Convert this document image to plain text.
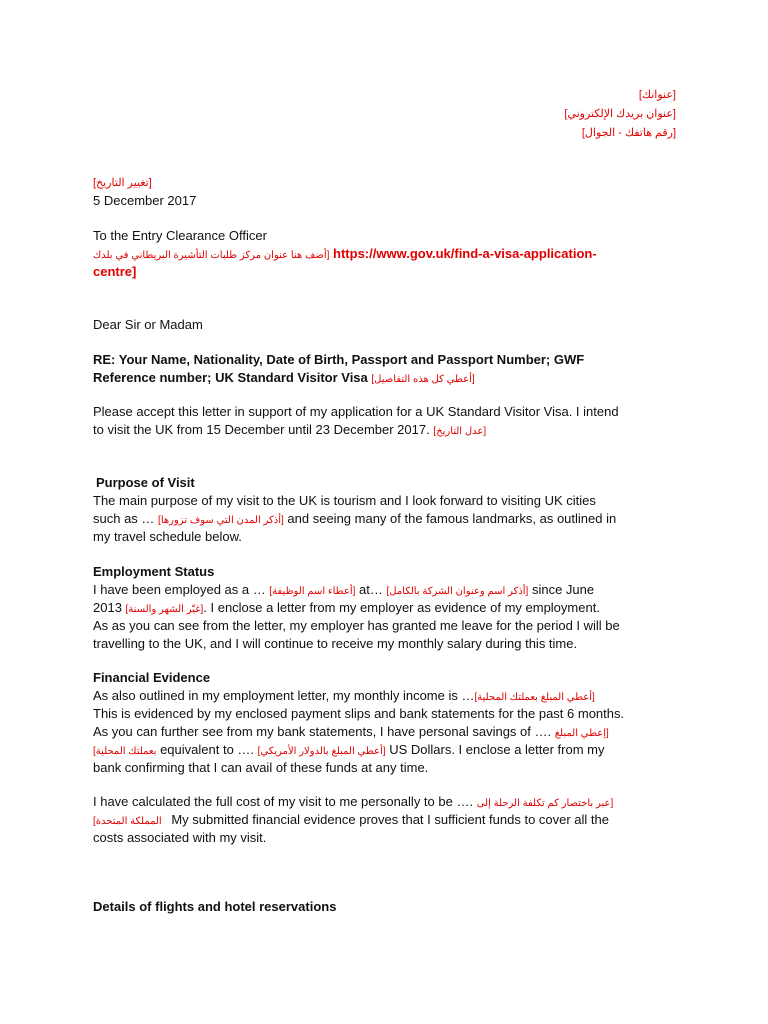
[عنوانك]
[عنوان بريدك الإلكتروني]
[رقم هاتفك - الجوال]
[تغيير التاريخ]
5 December 2017
To the Entry Clearance Officer
[أضف هنا عنوان مركز طلبات التأشيرة البريطاني في بلدك https://www.gov.uk/find-a-visa-application-
centre]
Dear Sir or Madam
RE: Your Name, Nationality, Date of Birth, Passport and Passport Number; GWF
Reference number; UK Standard Visitor Visa [أعطي كل هذه التفاصيل]
Please accept this letter in support of my application for a UK Standard Visitor Visa. I intend
to visit the UK from 15 December until 23 December 2017. [عدل التاريخ]
Purpose of Visit
The main purpose of my visit to the UK is tourism and I look forward to visiting UK cities
such as … [أذكر المدن التي سوف تزورها] and seeing many of the famous landmarks, as outlined in
my travel schedule below.
Employment Status
I have been employed as a … [أعطاء اسم الوظيفة] at… [أذكر اسم وعنوان الشركة بالكامل] since June
2013 [غيّر الشهر والسنة]. I enclose a letter from my employer as evidence of my employment.
As as you can see from the letter, my employer has granted me leave for the period I will be
travelling to the UK, and I will continue to receive my monthly salary during this time.
Financial Evidence
As also outlined in my employment letter, my monthly income is …[أعطي المبلغ بعملتك المحلية]
This is evidenced by my enclosed payment slips and bank statements for the past 6 months.
As you can further see from my bank statements, I have personal savings of …. [إعطي المبلغ
بعملتك المحلية] equivalent to …. [أعطي المبلغ بالدولار الأمريكي] US Dollars. I enclose a letter from my
bank confirming that I can avail of these funds at any time.
I have calculated the full cost of my visit to me personally to be …. [عبر باختصار كم تكلفة الرحلة إلى
المملكة المتحدة] My submitted financial evidence proves that I sufficient funds to cover all the
costs associated with my visit.
Details of flights and hotel reservations
